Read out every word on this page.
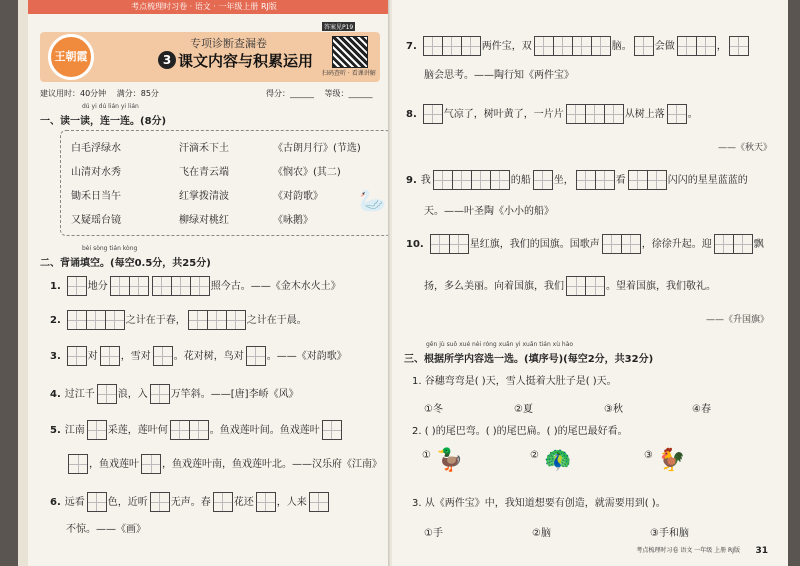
考点梳理时习卷 · 语文 · 一年级上册 RJ版
王朝霞
专项诊断查漏卷
3 课文内容与积累运用
答案见P19
扫码查听 · 看课讲解
建议用时：40分钟 满分：85分	得分：______ 等级：______
dú yi dú lián yi lián
一、读一读，连一连。(8分)
白毛浮绿水
山清对水秀
锄禾日当午
又疑瑶台镜
汗滴禾下土
飞在青云端
红掌拨清波
柳绿对桃红
《古朗月行》(节选)
《悯农》(其二)
《对韵歌》
《咏鹅》
🦢
bèi sòng tián kòng
二、背诵填空。(每空0.5分，共25分)
1.	地分	照今古。——《金木水火土》
2.	之计在于春，	之计在于晨。
3.	对 ，雪对 。花对树，鸟对 。——《对韵歌》
4. 过江千 浪，入 万竿斜。——[唐]李峤《风》
5. 江南 采莲，莲叶何	。鱼戏莲叶间。鱼戏莲叶
，鱼戏莲叶 ，鱼戏莲叶南，鱼戏莲叶北。——汉乐府《江南》
6. 远看 色，近听 无声。春 花还 ，人来
不惊。——《画》
7.	两件宝，双	脑。 会做	，
脑会思考。——陶行知《两件宝》
8.	气凉了，树叶黄了，一片片	从树上落 。
——《秋天》
9. 我	的船 坐，	看	闪闪的星星蓝蓝的
天。——叶圣陶《小小的船》
10.	星红旗，我们的国旗。国歌声	，徐徐升起。迎	飘
扬，多么美丽。向着国旗，我们	。望着国旗，我们敬礼。
——《升国旗》
gēn jù suǒ xué nèi róng xuǎn yi xuǎn tián xù hào
三、根据所学内容选一选。(填序号)(每空2分，共32分)
1. 谷穗弯弯是( )天，雪人挺着大肚子是( )天。
①冬	②夏	③秋	④春
2. ( )的尾巴弯。( )的尾巴扁。( )的尾巴最好看。
① 🦆	② 🦚	③ 🐓
3. 从《两件宝》中，我知道想要有创造，就需要用到( )。
①手	②脑	③手和脑
考点梳理时习卷 语文 一年级 上册 RJ版 31
